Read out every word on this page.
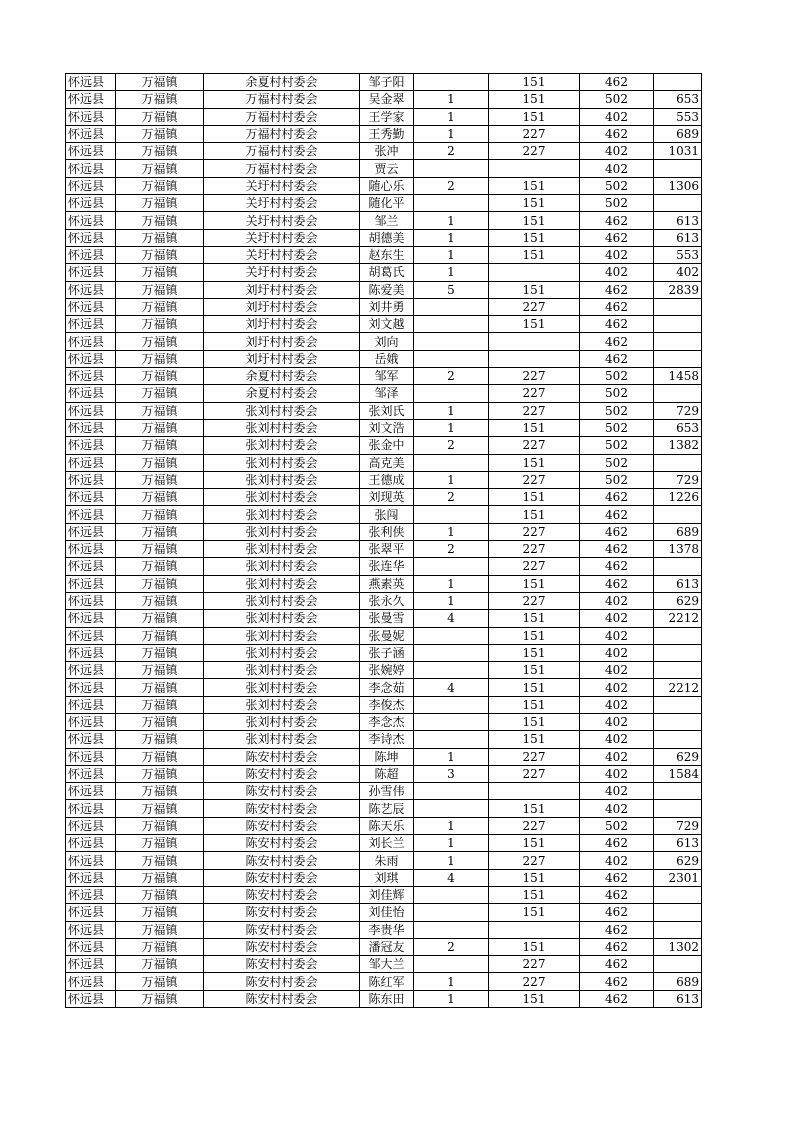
怀远县	万福镇	余夏村村委会	邹子阳		151	462	
怀远县	万福镇	万福村村委会	吴金翠	1	151	502	653
怀远县	万福镇	万福村村委会	王学家	1	151	402	553
怀远县	万福镇	万福村村委会	王秀勤	1	227	462	689
怀远县	万福镇	万福村村委会	张冲	2	227	402	1031
怀远县	万福镇	万福村村委会	贾云			402	
怀远县	万福镇	关圩村村委会	随心乐	2	151	502	1306
怀远县	万福镇	关圩村村委会	随化平		151	502	
怀远县	万福镇	关圩村村委会	邹兰	1	151	462	613
怀远县	万福镇	关圩村村委会	胡德美	1	151	462	613
怀远县	万福镇	关圩村村委会	赵东生	1	151	402	553
怀远县	万福镇	关圩村村委会	胡葛氏	1		402	402
怀远县	万福镇	刘圩村村委会	陈爱美	5	151	462	2839
怀远县	万福镇	刘圩村村委会	刘井勇		227	462	
怀远县	万福镇	刘圩村村委会	刘文越		151	462	
怀远县	万福镇	刘圩村村委会	刘向			462	
怀远县	万福镇	刘圩村村委会	岳娥			462	
怀远县	万福镇	余夏村村委会	邹军	2	227	502	1458
怀远县	万福镇	余夏村村委会	邹泽		227	502	
怀远县	万福镇	张刘村村委会	张刘氏	1	227	502	729
怀远县	万福镇	张刘村村委会	刘文浩	1	151	502	653
怀远县	万福镇	张刘村村委会	张金中	2	227	502	1382
怀远县	万福镇	张刘村村委会	高克美		151	502	
怀远县	万福镇	张刘村村委会	王德成	1	227	502	729
怀远县	万福镇	张刘村村委会	刘现英	2	151	462	1226
怀远县	万福镇	张刘村村委会	张闯		151	462	
怀远县	万福镇	张刘村村委会	张利侠	1	227	462	689
怀远县	万福镇	张刘村村委会	张翠平	2	227	462	1378
怀远县	万福镇	张刘村村委会	张连华		227	462	
怀远县	万福镇	张刘村村委会	燕素英	1	151	462	613
怀远县	万福镇	张刘村村委会	张永久	1	227	402	629
怀远县	万福镇	张刘村村委会	张曼雪	4	151	402	2212
怀远县	万福镇	张刘村村委会	张曼妮		151	402	
怀远县	万福镇	张刘村村委会	张子涵		151	402	
怀远县	万福镇	张刘村村委会	张婉婷		151	402	
怀远县	万福镇	张刘村村委会	李念茹	4	151	402	2212
怀远县	万福镇	张刘村村委会	李俊杰		151	402	
怀远县	万福镇	张刘村村委会	李念杰		151	402	
怀远县	万福镇	张刘村村委会	李诗杰		151	402	
怀远县	万福镇	陈安村村委会	陈坤	1	227	402	629
怀远县	万福镇	陈安村村委会	陈超	3	227	402	1584
怀远县	万福镇	陈安村村委会	孙雪伟			402	
怀远县	万福镇	陈安村村委会	陈艺辰		151	402	
怀远县	万福镇	陈安村村委会	陈天乐	1	227	502	729
怀远县	万福镇	陈安村村委会	刘长兰	1	151	462	613
怀远县	万福镇	陈安村村委会	朱雨	1	227	402	629
怀远县	万福镇	陈安村村委会	刘琪	4	151	462	2301
怀远县	万福镇	陈安村村委会	刘佳辉		151	462	
怀远县	万福镇	陈安村村委会	刘佳怡		151	462	
怀远县	万福镇	陈安村村委会	李贵华			462	
怀远县	万福镇	陈安村村委会	潘冠友	2	151	462	1302
怀远县	万福镇	陈安村村委会	邹大兰		227	462	
怀远县	万福镇	陈安村村委会	陈红军	1	227	462	689
怀远县	万福镇	陈安村村委会	陈东田	1	151	462	613
